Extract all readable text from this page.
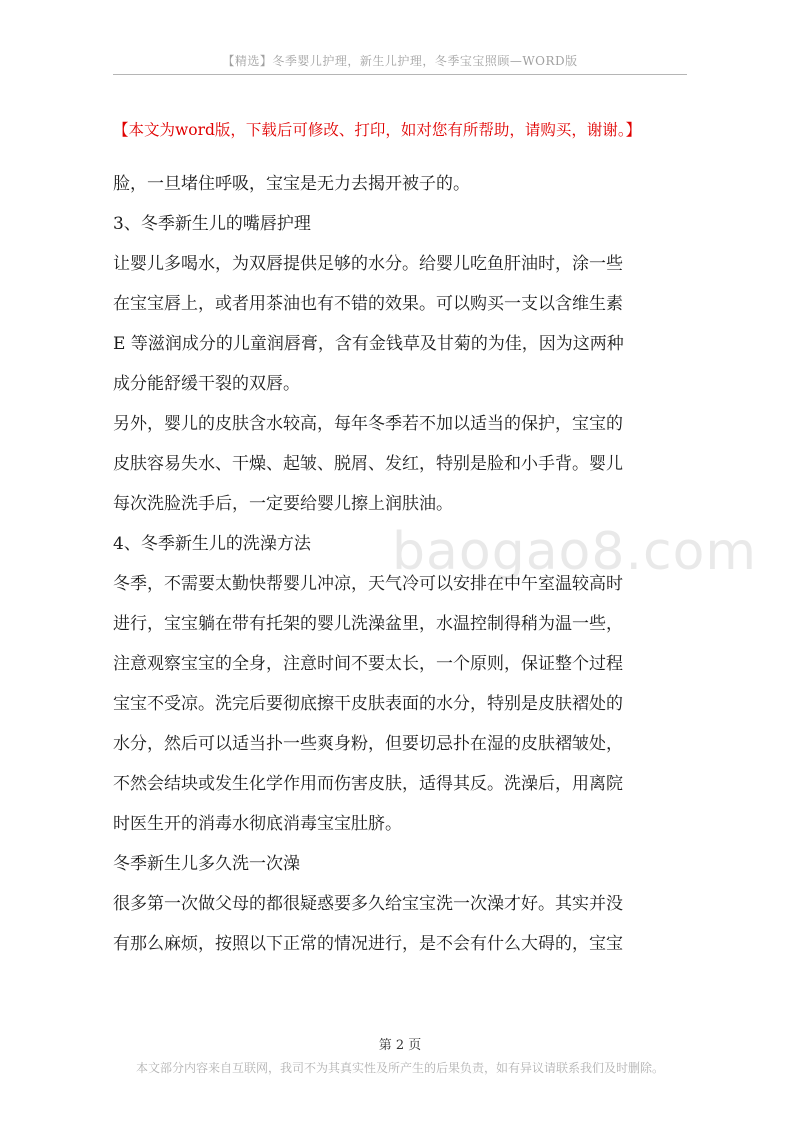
【精选】冬季婴儿护理，新生儿护理，冬季宝宝照顾—WORD版
【本文为word版，下载后可修改、打印，如对您有所帮助，请购买，谢谢。】
baogao8.com

脸，一旦堵住呼吸，宝宝是无力去揭开被子的。

3、冬季新生儿的嘴唇护理

让婴儿多喝水，为双唇提供足够的水分。给婴儿吃鱼肝油时，涂一些

在宝宝唇上，或者用茶油也有不错的效果。可以购买一支以含维生素

E 等滋润成分的儿童润唇膏，含有金钱草及甘菊的为佳，因为这两种

成分能舒缓干裂的双唇。

另外，婴儿的皮肤含水较高，每年冬季若不加以适当的保护，宝宝的

皮肤容易失水、干燥、起皱、脱屑、发红，特别是脸和小手背。婴儿

每次洗脸洗手后，一定要给婴儿擦上润肤油。

4、冬季新生儿的洗澡方法

冬季，不需要太勤快帮婴儿冲凉，天气冷可以安排在中午室温较高时

进行，宝宝躺在带有托架的婴儿洗澡盆里，水温控制得稍为温一些，

注意观察宝宝的全身，注意时间不要太长，一个原则，保证整个过程

宝宝不受凉。洗完后要彻底擦干皮肤表面的水分，特别是皮肤褶处的

水分，然后可以适当扑一些爽身粉，但要切忌扑在湿的皮肤褶皱处，

不然会结块或发生化学作用而伤害皮肤，适得其反。洗澡后，用离院

时医生开的消毒水彻底消毒宝宝肚脐。

冬季新生儿多久洗一次澡

很多第一次做父母的都很疑惑要多久给宝宝洗一次澡才好。其实并没

有那么麻烦，按照以下正常的情况进行，是不会有什么大碍的，宝宝

第 2 页
本文部分内容来自互联网，我司不为其真实性及所产生的后果负责，如有异议请联系我们及时删除。
